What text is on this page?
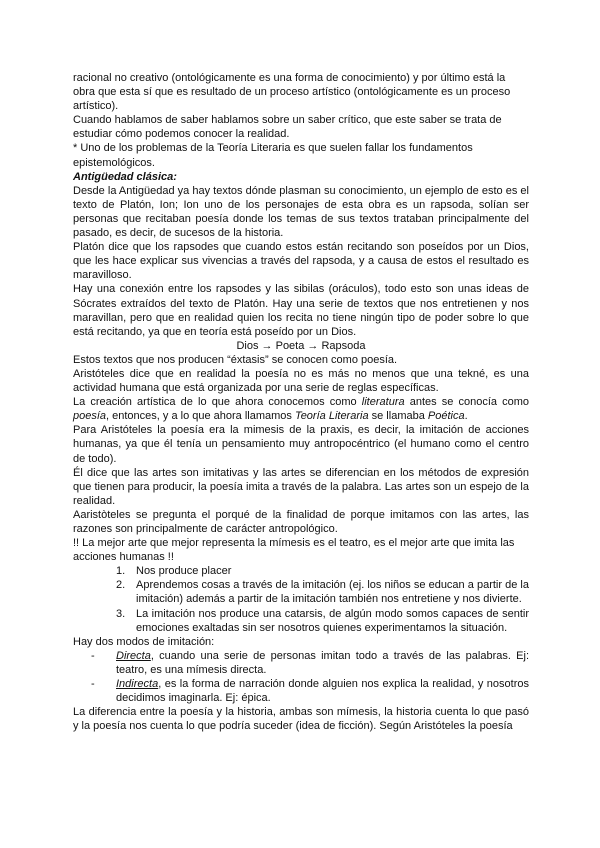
racional no creativo (ontológicamente es una forma de conocimiento) y por último está la obra que esta sí que es resultado de un proceso artístico (ontológicamente es un proceso artístico).

Cuando hablamos de saber hablamos sobre un saber crítico, que este saber se trata de estudiar cómo podemos conocer la realidad.

* Uno de los problemas de la Teoría Literaria es que suelen fallar los fundamentos epistemológicos.

Antigüedad clásica:

Desde la Antigüedad ya hay textos dónde plasman su conocimiento, un ejemplo de esto es el texto de Platón, Ion; Ion uno de los personajes de esta obra es un rapsoda, solían ser personas que recitaban poesía donde los temas de sus textos trataban principalmente del pasado, es decir, de sucesos de la historia.

Platón dice que los rapsodes que cuando estos están recitando son poseídos por un Dios, que les hace explicar sus vivencias a través del rapsoda, y a causa de estos el resultado es maravilloso.

Hay una conexión entre los rapsodes y las sibilas (oráculos), todo esto son unas ideas de Sócrates extraídos del texto de Platón. Hay una serie de textos que nos entretienen y nos maravillan, pero que en realidad quien los recita no tiene ningún tipo de poder sobre lo que está recitando, ya que en teoría está poseído por un Dios.

Dios → Poeta → Rapsoda

Estos textos que nos producen “éxtasis” se conocen como poesía.

Aristóteles dice que en realidad la poesía no es más no menos que una tekné, es una actividad humana que está organizada por una serie de reglas específicas.

La creación artística de lo que ahora conocemos como literatura antes se conocía como poesía, entonces, y a lo que ahora llamamos Teoría Literaria se llamaba Poética.

Para Aristóteles la poesía era la mimesis de la praxis, es decir, la imitación de acciones humanas, ya que él tenía un pensamiento muy antropocéntrico (el humano como el centro de todo).

Él dice que las artes son imitativas y las artes se diferencian en los métodos de expresión que tienen para producir, la poesía imita a través de la palabra. Las artes son un espejo de la realidad.

Aaristòteles se pregunta el porqué de la finalidad de porque imitamos con las artes, las razones son principalmente de carácter antropológico.

!! La mejor arte que mejor representa la mímesis es el teatro, es el mejor arte que imita las acciones humanas !!

1. Nos produce placer
2. Aprendemos cosas a través de la imitación (ej. los niños se educan a partir de la imitación) además a partir de la imitación también nos entretiene y nos divierte.
3. La imitación nos produce una catarsis, de algún modo somos capaces de sentir emociones exaltadas sin ser nosotros quienes experimentamos la situación.

Hay dos modos de imitación:

-	Directa, cuando una serie de personas imitan todo a través de las palabras. Ej: teatro, es una mímesis directa.
-	Indirecta, es la forma de narración donde alguien nos explica la realidad, y nosotros decidimos imaginarla. Ej: épica.

La diferencia entre la poesía y la historia, ambas son mímesis, la historia cuenta lo que pasó y la poesía nos cuenta lo que podría suceder (idea de ficción). Según Aristóteles la poesía
